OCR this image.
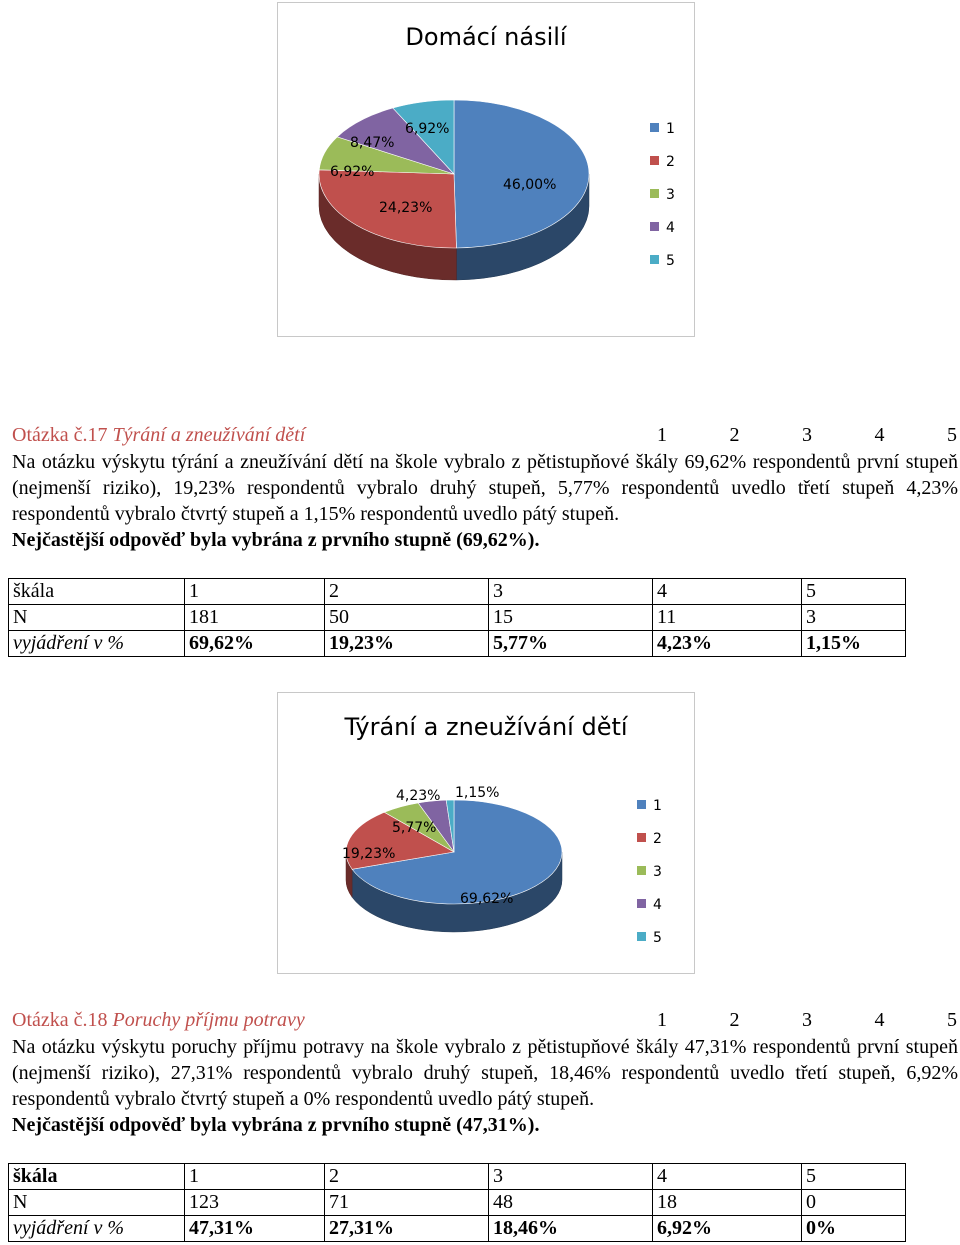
Domácí násilí
46,00%
24,23%
6,92%
8,47%
6,92%	1
2
3
4
5
Otázka č.17 Týrání a zneužívání dětí	1	2	3	4	5
Na otázku výskytu týrání a zneužívání dětí na škole vybralo z pětistupňové škály 69,62% respondentů první stupeň (nejmenší riziko), 19,23% respondentů vybralo druhý stupeň, 5,77% respondentů uvedlo třetí stupeň 4,23% respondentů vybralo čtvrtý stupeň a 1,15% respondentů uvedlo pátý stupeň.
Nejčastější odpověď byla vybrána z prvního stupně (69,62%).
škála	1	2	3	4	5
N	181	50	15	11	3
vyjádření v %	69,62%	19,23%	5,77%	4,23%	1,15%
Týrání a zneužívání dětí
69,62%
19,23%
5,77%
4,23% 1,15%
1
2
3
4
5
Otázka č.18 Poruchy příjmu potravy	1	2	3	4	5
Na otázku výskytu poruchy příjmu potravy na škole vybralo z pětistupňové škály 47,31% respondentů první stupeň (nejmenší riziko), 27,31% respondentů vybralo druhý stupeň, 18,46% respondentů uvedlo třetí stupeň, 6,92% respondentů vybralo čtvrtý stupeň a 0% respondentů uvedlo pátý stupeň.
Nejčastější odpověď byla vybrána z prvního stupně (47,31%).
škála	1	2	3	4	5
N	123	71	48	18	0
vyjádření v %	47,31%	27,31%	18,46%	6,92%	0%
